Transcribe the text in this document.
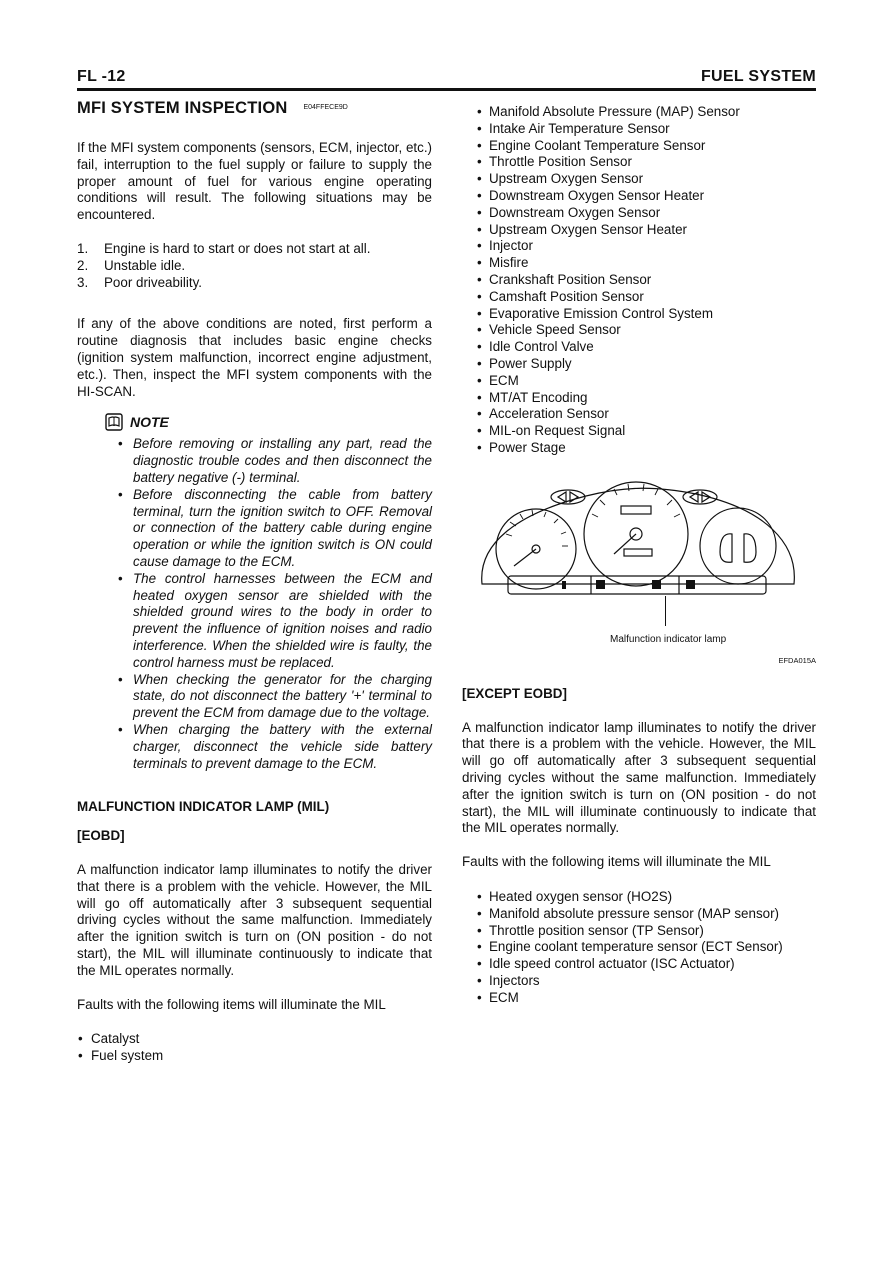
FL -12	FUEL SYSTEM
MFI SYSTEM INSPECTION E04FFECE9D

If the MFI system components (sensors, ECM, injector, etc.) fail, interruption to the fuel supply or failure to supply the proper amount of fuel for various engine operating conditions will result. The following situations may be encountered.

1.	Engine is hard to start or does not start at all.
2.	Unstable idle.
3.	Poor driveability.

If any of the above conditions are noted, first perform a routine diagnosis that includes basic engine checks (ignition system malfunction, incorrect engine adjustment, etc.). Then, inspect the MFI system components with the HI-SCAN.

NOTE
• Before removing or installing any part, read the diagnostic trouble codes and then disconnect the battery negative (-) terminal.
• Before disconnecting the cable from battery terminal, turn the ignition switch to OFF. Removal or connection of the battery cable during engine operation or while the ignition switch is ON could cause damage to the ECM.
• The control harnesses between the ECM and heated oxygen sensor are shielded with the shielded ground wires to the body in order to prevent the influence of ignition noises and radio interference. When the shielded wire is faulty, the control harness must be replaced.
• When checking the generator for the charging state, do not disconnect the battery '+' terminal to prevent the ECM from damage due to the voltage.
• When charging the battery with the external charger, disconnect the vehicle side battery terminals to prevent damage to the ECM.
MALFUNCTION INDICATOR LAMP (MIL)
[EOBD]

A malfunction indicator lamp illuminates to notify the driver that there is a problem with the vehicle. However, the MIL will go off automatically after 3 subsequent sequential driving cycles without the same malfunction. Immediately after the ignition switch is turn on (ON position - do not start), the MIL will illuminate continuously to indicate that the MIL operates normally.

Faults with the following items will illuminate the MIL

• Catalyst
• Fuel system
• Manifold Absolute Pressure (MAP) Sensor
• Intake Air Temperature Sensor
• Engine Coolant Temperature Sensor
• Throttle Position Sensor
• Upstream Oxygen Sensor
• Downstream Oxygen Sensor Heater
• Downstream Oxygen Sensor
• Upstream Oxygen Sensor Heater
• Injector
• Misfire
• Crankshaft Position Sensor
• Camshaft Position Sensor
• Evaporative Emission Control System
• Vehicle Speed Sensor
• Idle Control Valve
• Power Supply
• ECM
• MT/AT Encoding
• Acceleration Sensor
• MIL-on Request Signal
• Power Stage
[EXCEPT EOBD]

A malfunction indicator lamp illuminates to notify the driver that there is a problem with the vehicle. However, the MIL will go off automatically after 3 subsequent sequential driving cycles without the same malfunction. Immediately after the ignition switch is turn on (ON position - do not start), the MIL will illuminate continuously to indicate that the MIL operates normally.

Faults with the following items will illuminate the MIL

• Heated oxygen sensor (HO2S)
• Manifold absolute pressure sensor (MAP sensor)
• Throttle position sensor (TP Sensor)
• Engine coolant temperature sensor (ECT Sensor)
• Idle speed control actuator (ISC Actuator)
• Injectors
• ECM
Malfunction indicator lamp
EFDA015A
